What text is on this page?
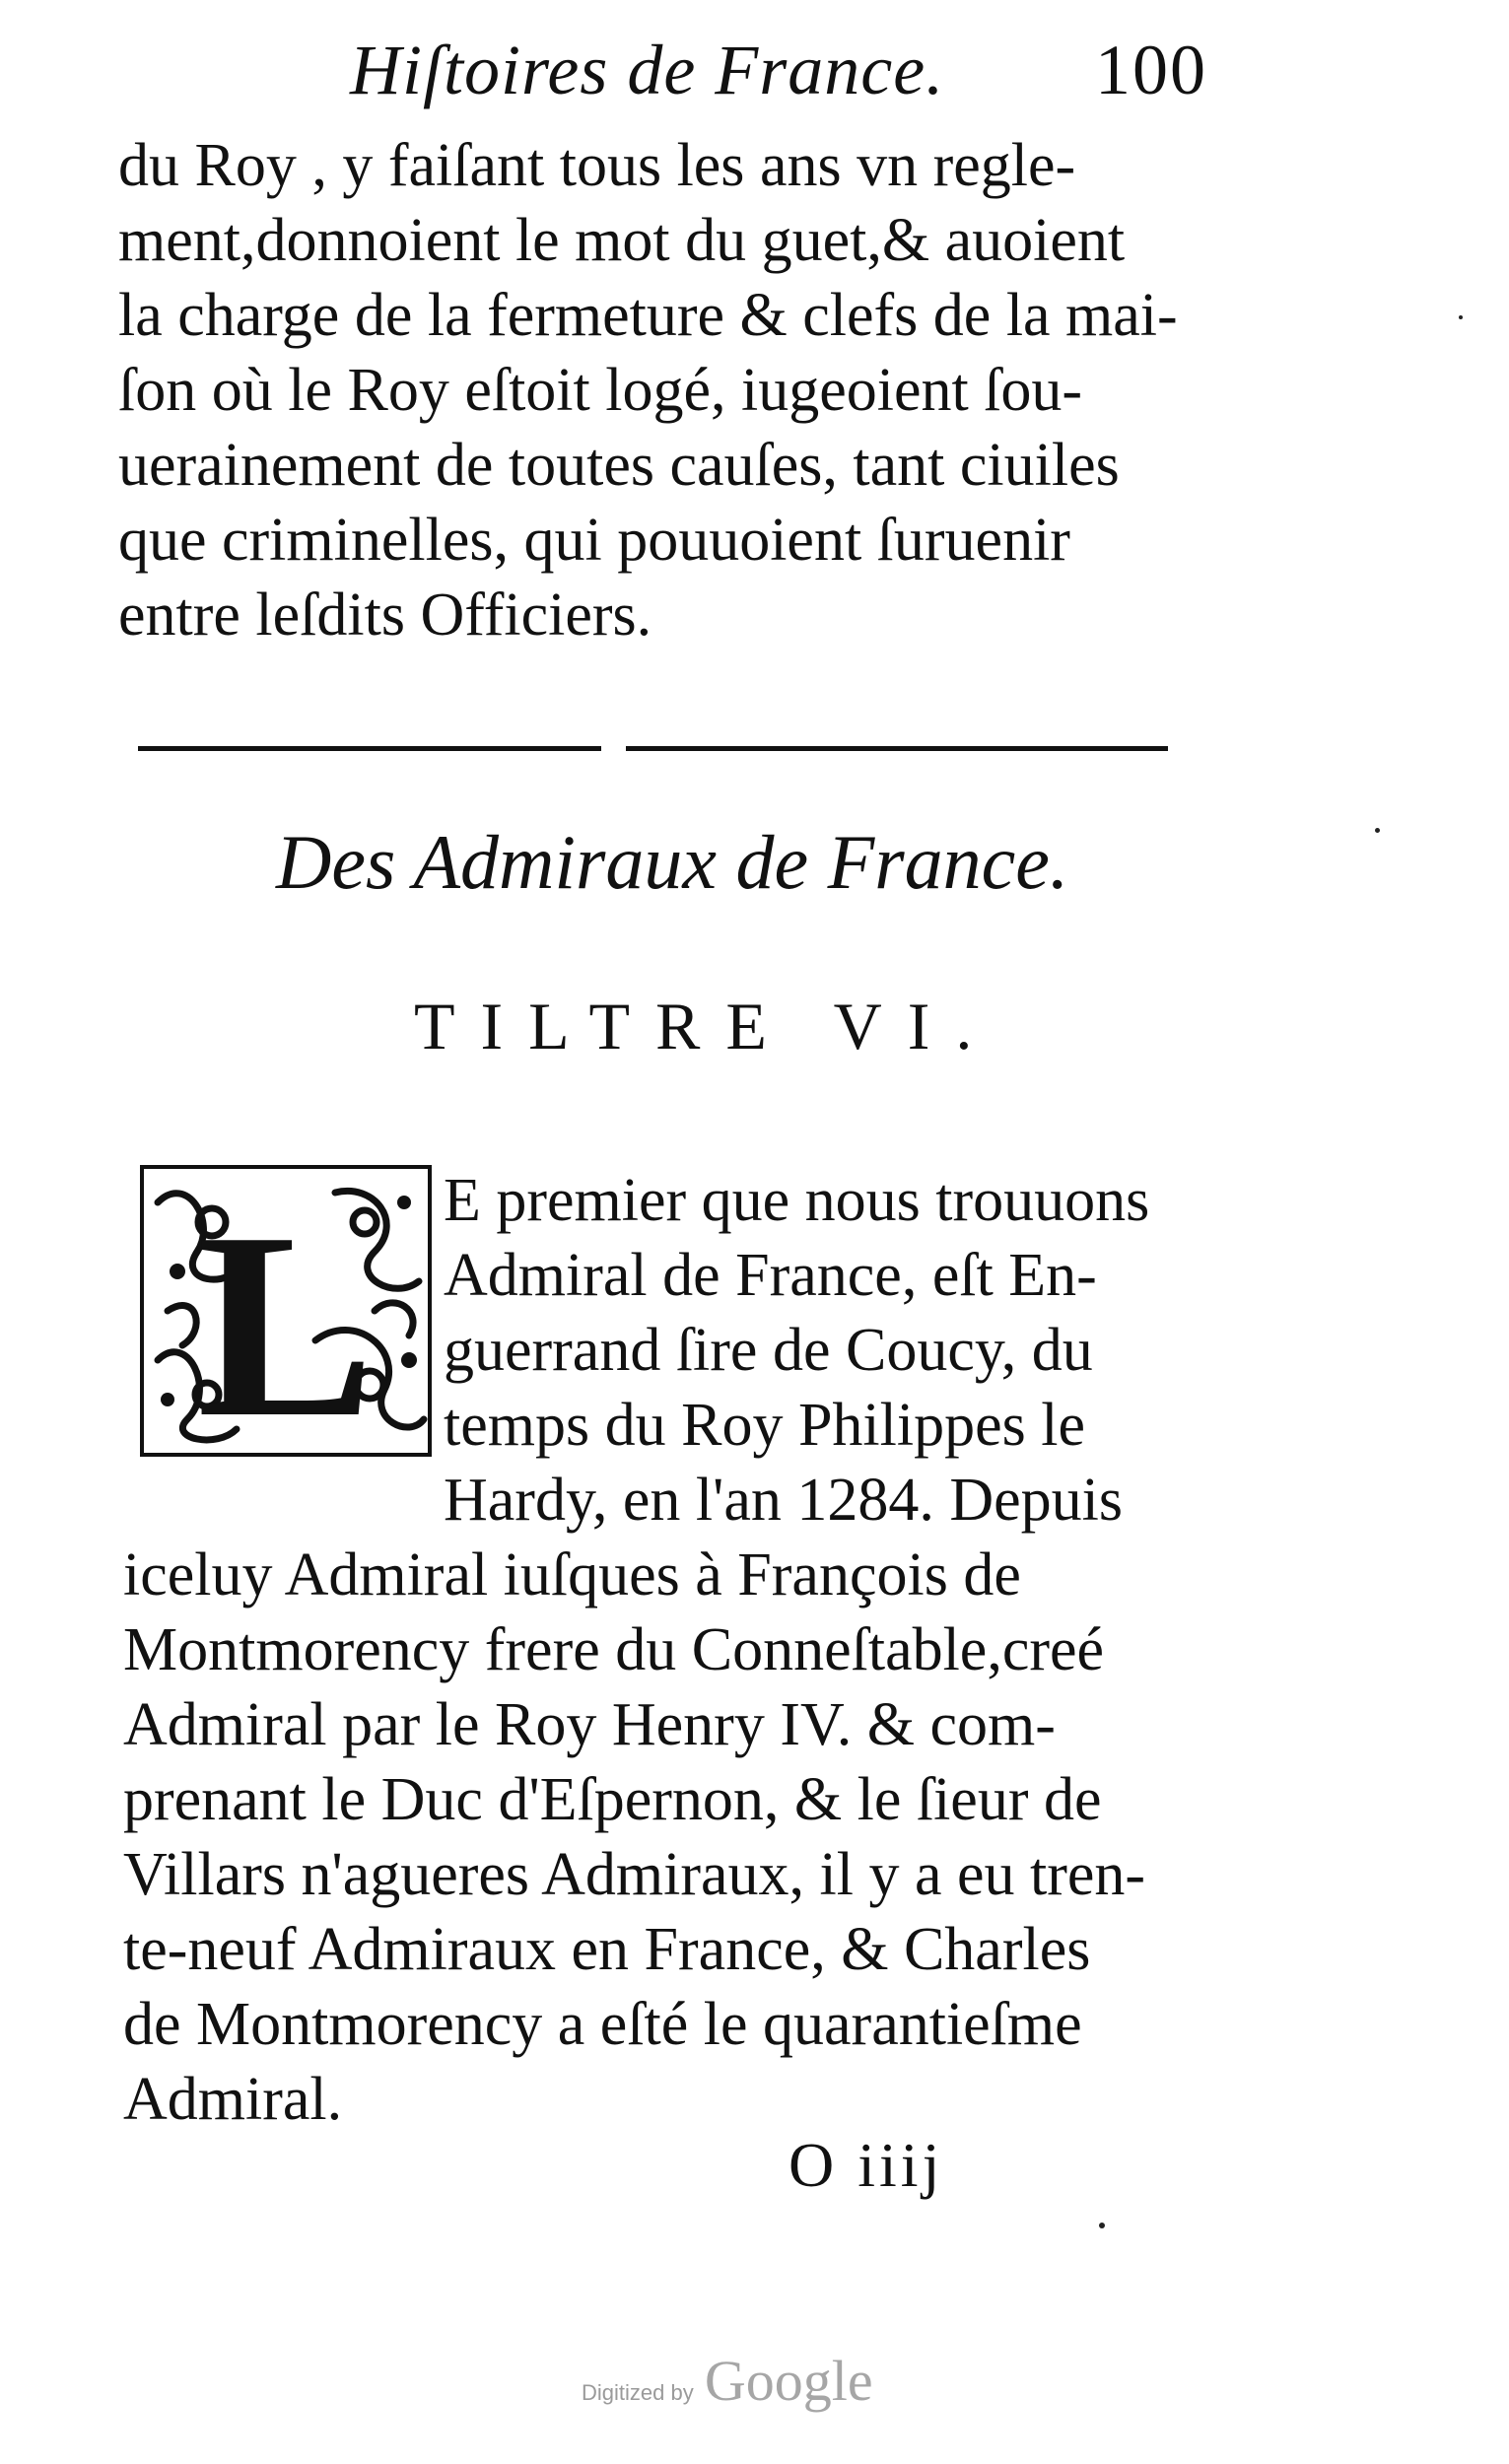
Hiſtoires de France. 100
du Roy , y faiſant tous les ans vn regle-
ment,donnoient le mot du guet,& auoient
la charge de la fermeture & clefs de la mai-
ſon où le Roy eſtoit logé, iugeoient ſou-
uerainement de toutes cauſes, tant ciuiles
que criminelles, qui pouuoient ſuruenir
entre leſdits Officiers.
Des Admiraux de France.
TILTRE VI.
L E premier que nous trouuons
Admiral de France, eſt En-
guerrand ſire de Coucy, du
temps du Roy Philippes le
Hardy, en l'an 1284. Depuis
iceluy Admiral iuſques à François de
Montmorency frere du Conneſtable,creé
Admiral par le Roy Henry IV. & com-
prenant le Duc d'Eſpernon, & le ſieur de
Villars n'agueres Admiraux, il y a eu tren-
te-neuf Admiraux en France, & Charles
de Montmorency a eſté le quarantieſme
Admiral.
O iiij
Digitized by Google
